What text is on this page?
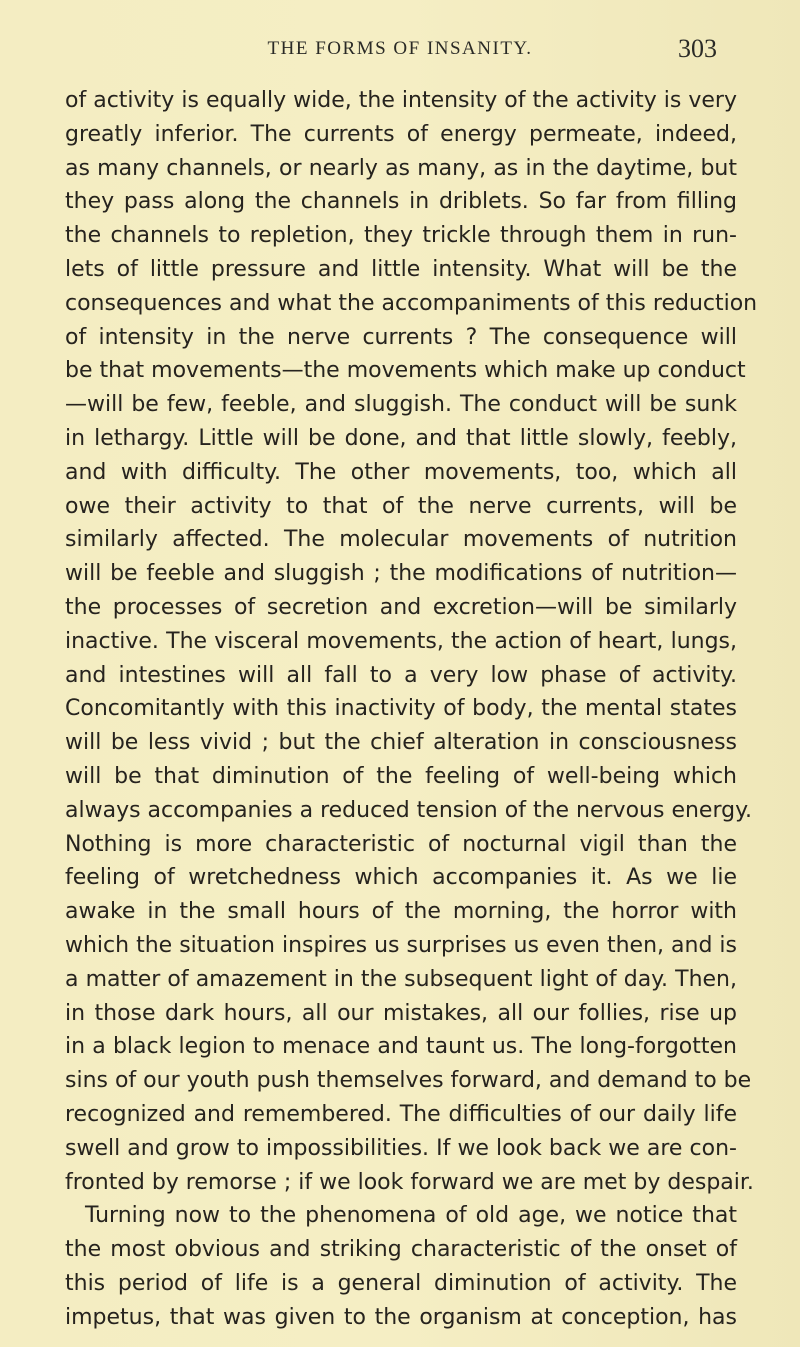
THE FORMS OF INSANITY.	303
of activity is equally wide, the intensity of the activity is very
greatly inferior. The currents of energy permeate, indeed,
as many channels, or nearly as many, as in the daytime, but
they pass along the channels in driblets. So far from filling
the channels to repletion, they trickle through them in run-
lets of little pressure and little intensity. What will be the
consequences and what the accompaniments of this reduction
of intensity in the nerve currents ? The consequence will
be that movements—the movements which make up conduct
—will be few, feeble, and sluggish. The conduct will be sunk
in lethargy. Little will be done, and that little slowly, feebly,
and with difficulty. The other movements, too, which all
owe their activity to that of the nerve currents, will be
similarly affected. The molecular movements of nutrition
will be feeble and sluggish ; the modifications of nutrition—
the processes of secretion and excretion—will be similarly
inactive. The visceral movements, the action of heart, lungs,
and intestines will all fall to a very low phase of activity.
Concomitantly with this inactivity of body, the mental states
will be less vivid ; but the chief alteration in consciousness
will be that diminution of the feeling of well-being which
always accompanies a reduced tension of the nervous energy.
Nothing is more characteristic of nocturnal vigil than the
feeling of wretchedness which accompanies it. As we lie
awake in the small hours of the morning, the horror with
which the situation inspires us surprises us even then, and is
a matter of amazement in the subsequent light of day. Then,
in those dark hours, all our mistakes, all our follies, rise up
in a black legion to menace and taunt us. The long-forgotten
sins of our youth push themselves forward, and demand to be
recognized and remembered. The difficulties of our daily life
swell and grow to impossibilities. If we look back we are con-
fronted by remorse ; if we look forward we are met by despair.
Turning now to the phenomena of old age, we notice that
the most obvious and striking characteristic of the onset of
this period of life is a general diminution of activity. The
impetus, that was given to the organism at conception, has
